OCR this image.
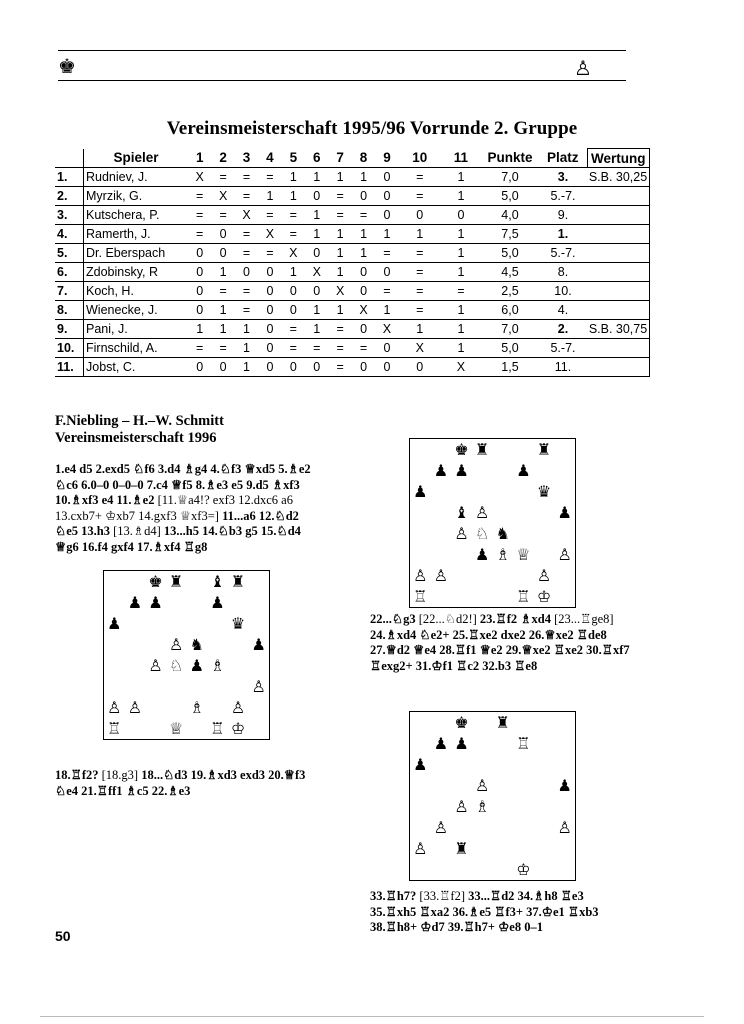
♚	♙
Vereinsmeisterschaft 1995/96 Vorrunde 2. Gruppe
	Spieler	1	2	3	4	5	6	7	8	9	10	11	Punkte	Platz	Wertung
1.	Rudniev, J.	X	=	=	=	1	1	1	1	0	=	1	7,0	3.	S.B. 30,25
2.	Myrzik, G.	=	X	=	1	1	0	=	0	0	=	1	5,0	5.-7.	
3.	Kutschera, P.	=	=	X	=	=	1	=	=	0	0	0	4,0	9.	
4.	Ramerth, J.	=	0	=	X	=	1	1	1	1	1	1	7,5	1.	
5.	Dr. Eberspach	0	0	=	=	X	0	1	1	=	=	1	5,0	5.-7.	
6.	Zdobinsky, R	0	1	0	0	1	X	1	0	0	=	1	4,5	8.	
7.	Koch, H.	0	=	=	0	0	0	X	0	=	=	=	2,5	10.	
8.	Wienecke, J.	0	1	=	0	0	1	1	X	1	=	1	6,0	4.	
9.	Pani, J.	1	1	1	0	=	1	=	0	X	1	1	7,0	2.	S.B. 30,75
10.	Firnschild, A.	=	=	1	0	=	=	=	=	0	X	1	5,0	5.-7.	
11.	Jobst, C.	0	0	1	0	0	0	=	0	0	0	X	1,5	11.	
F.Niebling – H.–W. Schmitt
Vereinsmeisterschaft 1996
1.e4 d5 2.exd5 ♘f6 3.d4 ♗g4 4.♘f3 ♕xd5 5.♗e2
♘c6 6.0–0 0–0–0 7.c4 ♕f5 8.♗e3 e5 9.d5 ♗xf3
10.♗xf3 e4 11.♗e2 [11.♕a4!? exf3 12.dxc6 a6
13.cxb7+ ♔xb7 14.gxf3 ♕xf3=] 11...a6 12.♘d2
♘e5 13.h3 [13.♗d4] 13...h5 14.♘b3 g5 15.♘d4
♕g6 16.f4 gxf4 17.♗xf4 ♖g8
♚ ♜ ♝ ♜
♟ ♟	♟
♟	♛
♙ ♞	♟
♙ ♘ ♟ ♗
♙
♙ ♙	♗ ♙
♖	♕ ♖ ♔
18.♖f2? [18.g3] 18...♘d3 19.♗xd3 exd3 20.♕f3
♘e4 21.♖ff1 ♗c5 22.♗e3
♚ ♜	♜
♟ ♟	♟
♟	♛
♝ ♙	♟
♙ ♘ ♞
♟ ♗ ♕ ♙
♙ ♙	♙
♖	♖ ♔
22...♘g3 [22...♘d2!] 23.♖f2 ♗xd4 [23...♖ge8]
24.♗xd4 ♘e2+ 25.♖xe2 dxe2 26.♕xe2 ♖de8
27.♕d2 ♕e4 28.♖f1 ♕e2 29.♕xe2 ♖xe2 30.♖xf7
♖exg2+ 31.♔f1 ♖c2 32.b3 ♖e8
♚ ♜
♟ ♟	♖
♟
♟
♙
♙ ♗
♙	♙
♙ ♜
♔
33.♖h7? [33.♖f2] 33...♖d2 34.♗h8 ♖e3
35.♖xh5 ♖xa2 36.♗e5 ♖f3+ 37.♔e1 ♖xb3
38.♖h8+ ♔d7 39.♖h7+ ♔e8 0–1
50
